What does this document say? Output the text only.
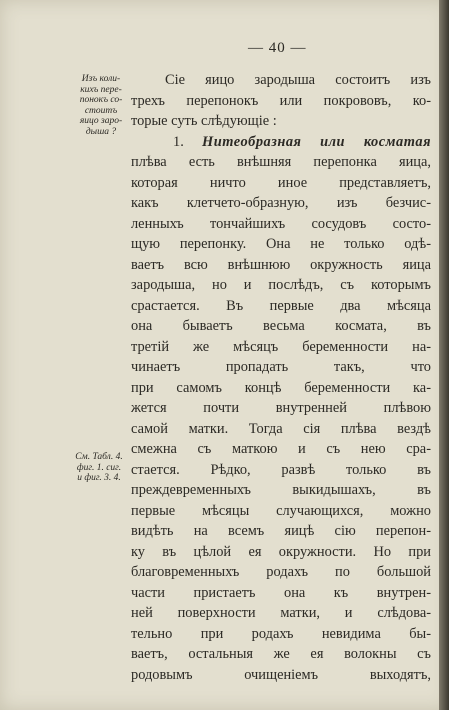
— 40 —
Изъ коли-
кихъ пере-
понокъ со-
стоитъ
яицо заро-
дыша ?
См. Табл. 4.
фиг. 1. сиг.
и фиг. 3. 4.
Сіе яицо зародыша состоитъ изъ
трехъ перепонокъ или покрововъ, ко-
торые суть слѣдующіе :
1. Нитеобразная или косматая
плѣва есть внѣшняя перепонка яица,
которая ничто иное представляетъ,
какъ клетчето-образную, изъ безчис-
ленныхъ тончайшихъ сосудовъ состо-
щую перепонку. Она не только одѣ-
ваетъ всю внѣшнюю окружность яица
зародыша, но и послѣдъ, съ которымъ
срастается. Въ первые два мѣсяца
она бываетъ весьма космата, въ
третій же мѣсяцъ беременности на-
чинаетъ пропадать такъ, что
при самомъ концѣ беременности ка-
жется почти внутренней плѣвою
самой матки. Тогда сія плѣва вездѣ
смежна съ маткою и съ нею сра-
стается. Рѣдко, развѣ только въ
преждевременныхъ выкидышахъ, въ
первые мѣсяцы случающихся, можно
видѣть на всемъ яицѣ сію перепон-
ку въ цѣлой ея окружности. Но при
благовременныхъ родахъ по большой
части пристаетъ она къ внутрен-
ней поверхности матки, и слѣдова-
тельно при родахъ невидима бы-
ваетъ, остальныя же ея волокны съ
родовымъ очищеніемъ выходятъ,
